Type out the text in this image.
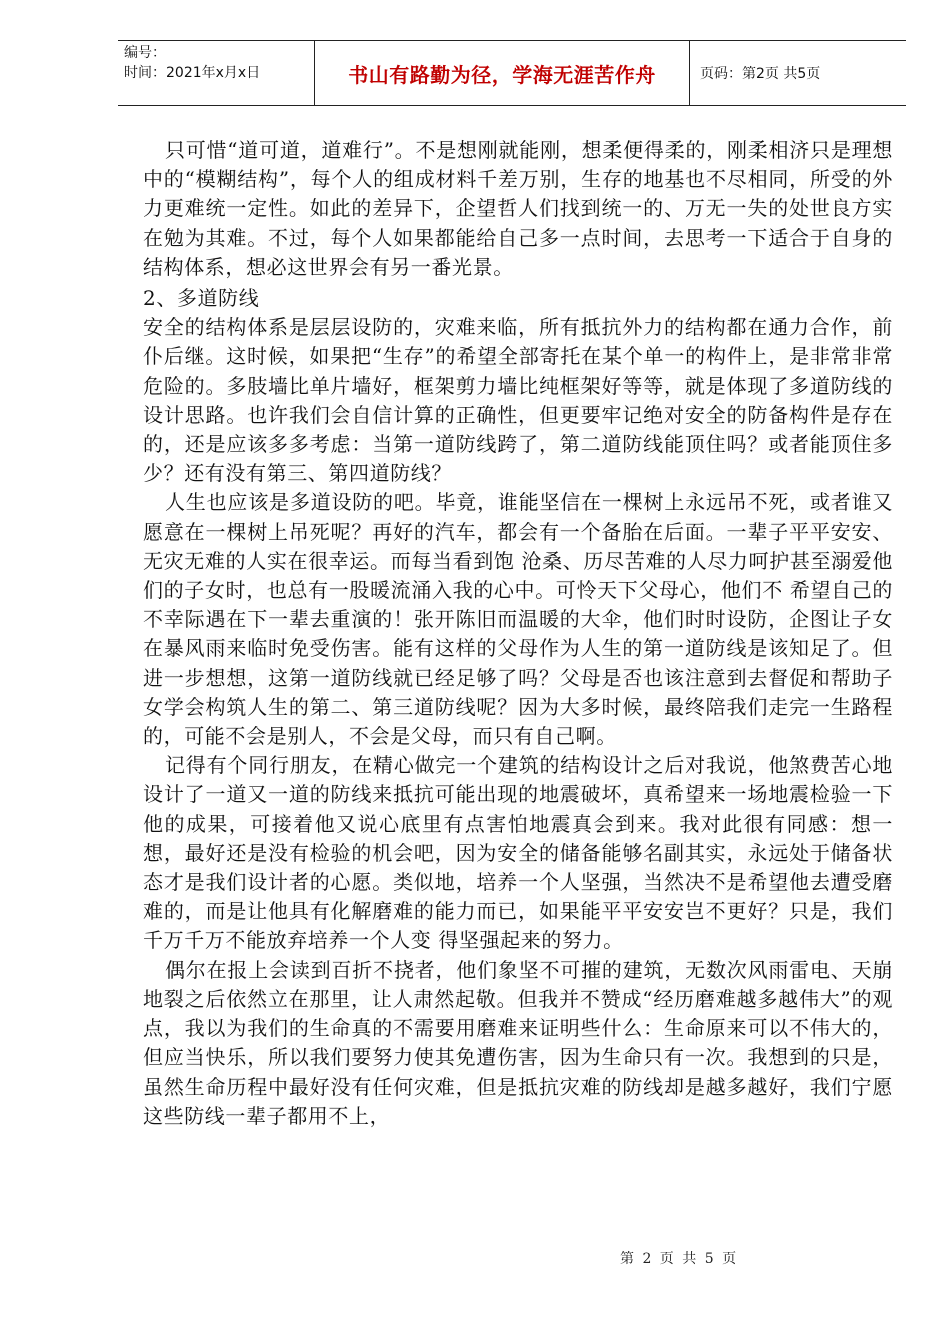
编号：
时间：2021年x月x日	书山有路勤为径，学海无涯苦作舟	页码：第2页 共5页

只可惜“道可道，道难行”。不是想刚就能刚，想柔便得柔的，刚柔相济只是理想中的“模糊结构”，每个人的组成材料千差万别，生存的地基也不尽相同，所受的外力更难统一定性。如此的差异下，企望哲人们找到统一的、万无一失的处世良方实在勉为其难。不过，每个人如果都能给自己多一点时间，去思考一下适合于自身的结构体系，想必这世界会有另一番光景。

2、多道防线

安全的结构体系是层层设防的，灾难来临，所有抵抗外力的结构都在通力合作，前仆后继。这时候，如果把“生存”的希望全部寄托在某个单一的构件上，是非常非常危险的。多肢墙比单片墙好，框架剪力墙比纯框架好等等，就是体现了多道防线的设计思路。也许我们会自信计算的正确性，但更要牢记绝对安全的防备构件是存在的，还是应该多多考虑：当第一道防线跨了，第二道防线能顶住吗？或者能顶住多少？还有没有第三、第四道防线？

人生也应该是多道设防的吧。毕竟，谁能坚信在一棵树上永远吊不死，或者谁又愿意在一棵树上吊死呢？再好的汽车，都会有一个备胎在后面。一辈子平平安安、无灾无难的人实在很幸运。而每当看到饱 沧桑、历尽苦难的人尽力呵护甚至溺爱他们的子女时，也总有一股暖流涌入我的心中。可怜天下父母心，他们不 希望自己的不幸际遇在下一辈去重演的！张开陈旧而温暖的大伞，他们时时设防，企图让子女在暴风雨来临时免受伤害。能有这样的父母作为人生的第一道防线是该知足了。但进一步想想，这第一道防线就已经足够了吗？父母是否也该注意到去督促和帮助子女学会构筑人生的第二、第三道防线呢？因为大多时候，最终陪我们走完一生路程的，可能不会是别人，不会是父母，而只有自己啊。

记得有个同行朋友，在精心做完一个建筑的结构设计之后对我说，他煞费苦心地设计了一道又一道的防线来抵抗可能出现的地震破坏，真希望来一场地震检验一下他的成果，可接着他又说心底里有点害怕地震真会到来。我对此很有同感：想一想，最好还是没有检验的机会吧，因为安全的储备能够名副其实，永远处于储备状态才是我们设计者的心愿。类似地，培养一个人坚强，当然决不是希望他去遭受磨难的，而是让他具有化解磨难的能力而已，如果能平平安安岂不更好？只是，我们千万千万不能放弃培养一个人变 得坚强起来的努力。

偶尔在报上会读到百折不挠者，他们象坚不可摧的建筑，无数次风雨雷电、天崩地裂之后依然立在那里，让人肃然起敬。但我并不赞成“经历磨难越多越伟大”的观点，我以为我们的生命真的不需要用磨难来证明些什么：生命原来可以不伟大的，但应当快乐，所以我们要努力使其免遭伤害，因为生命只有一次。我想到的只是，虽然生命历程中最好没有任何灾难，但是抵抗灾难的防线却是越多越好，我们宁愿这些防线一辈子都用不上，

第 2 页 共 5 页
